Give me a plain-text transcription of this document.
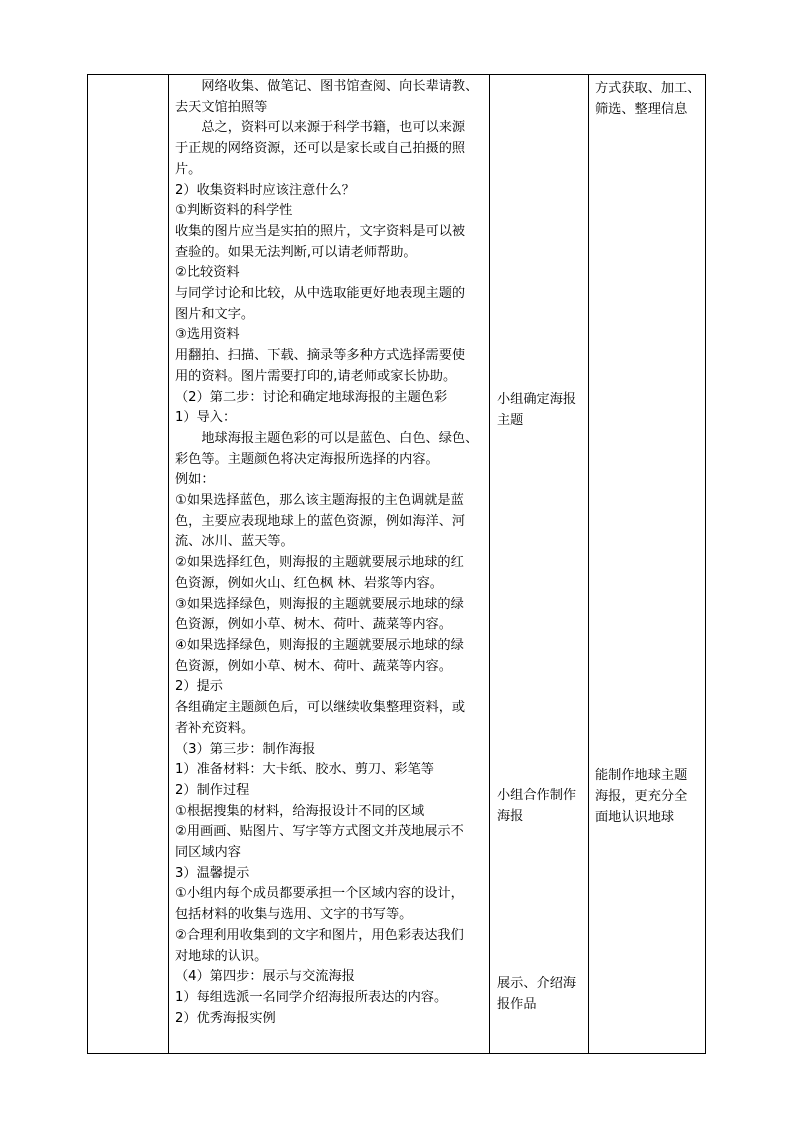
　　网络收集、做笔记、图书馆查阅、向长辈请教、

去天文馆拍照等

　　总之，资料可以来源于科学书籍，也可以来源

于正规的网络资源，还可以是家长或自己拍摄的照

片。

2）收集资料时应该注意什么？

①判断资料的科学性

收集的图片应当是实拍的照片，文字资料是可以被

查验的。如果无法判断,可以请老师帮助。

②比较资料

与同学讨论和比较，从中选取能更好地表现主题的

图片和文字。

③选用资料

用翻拍、扫描、下载、摘录等多种方式选择需要使

用的资料。图片需要打印的,请老师或家长协助。

（2）第二步：讨论和确定地球海报的主题色彩

1）导入：

　　地球海报主题色彩的可以是蓝色、白色、绿色、

彩色等。主题颜色将决定海报所选择的内容。

例如：

①如果选择蓝色，那么该主题海报的主色调就是蓝

色，主要应表现地球上的蓝色资源，例如海洋、河

流、冰川、蓝天等。

②如果选择红色，则海报的主题就要展示地球的红

色资源，例如火山、红色枫 林、岩浆等内容。

③如果选择绿色，则海报的主题就要展示地球的绿

色资源，例如小草、树木、荷叶、蔬菜等内容。

④如果选择绿色，则海报的主题就要展示地球的绿

色资源，例如小草、树木、荷叶、蔬菜等内容。

2）提示

各组确定主题颜色后，可以继续收集整理资料，或

者补充资料。

（3）第三步：制作海报

1）准备材料：大卡纸、胶水、剪刀、彩笔等

2）制作过程

①根据搜集的材料，给海报设计不同的区域

②用画画、贴图片、写字等方式图文并茂地展示不

同区域内容

3）温馨提示

①小组内每个成员都要承担一个区域内容的设计，

包括材料的收集与选用、文字的书写等。

②合理利用收集到的文字和图片，用色彩表达我们

对地球的认识。

（4）第四步：展示与交流海报

1）每组选派一名同学介绍海报所表达的内容。

2）优秀海报实例

小组确定海报
主题
小组合作制作
海报
展示、介绍海
报作品
方式获取、加工、
筛选、整理信息
能制作地球主题
海报，更充分全
面地认识地球
